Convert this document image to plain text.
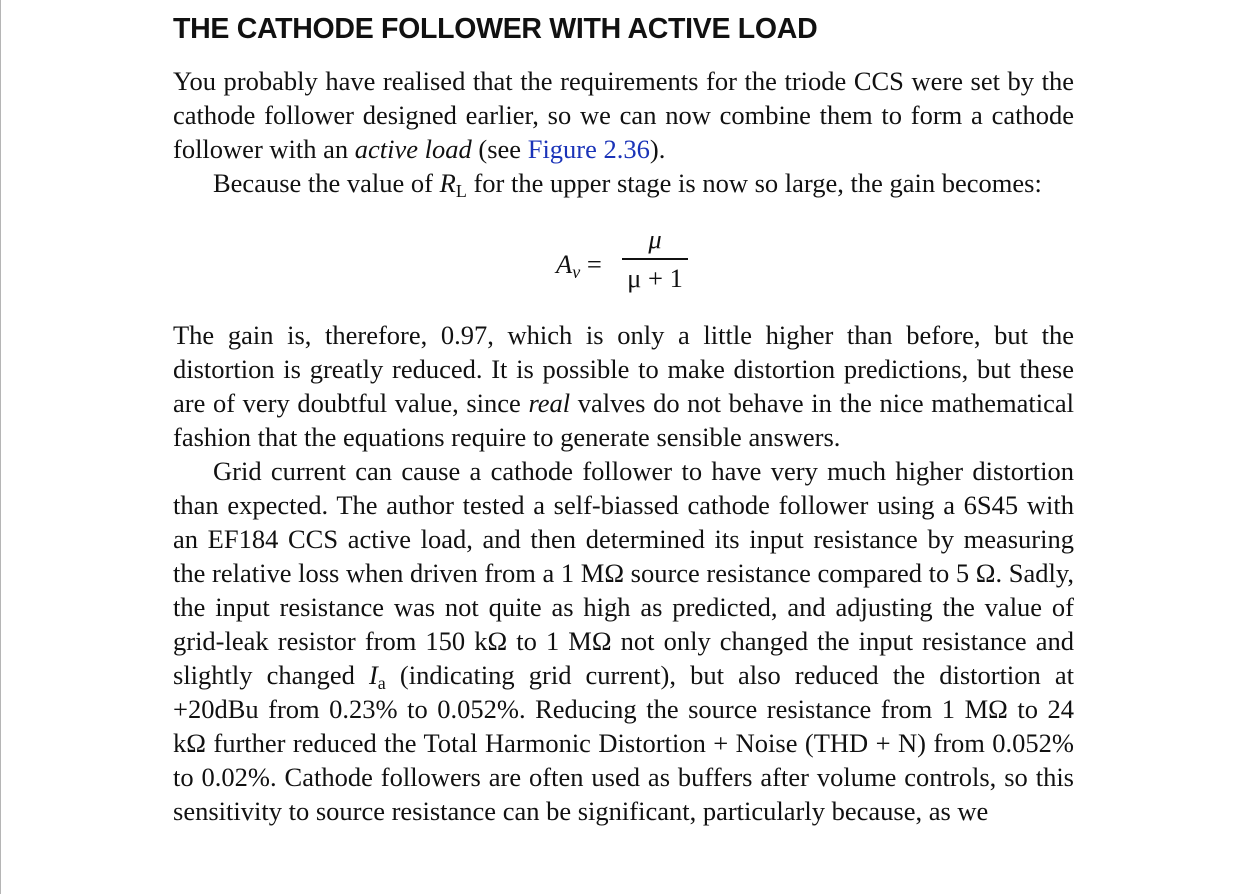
THE CATHODE FOLLOWER WITH ACTIVE LOAD

You probably have realised that the requirements for the triode CCS were set by the cathode follower designed earlier, so we can now combine them to form a cathode follower with an active load (see Figure 2.36).

Because the value of $R_L$ for the upper stage is now so large, the gain becomes:

$A_v$ =
μ
μ + 1

The gain is, therefore, 0.97, which is only a little higher than before, but the distortion is greatly reduced. It is possible to make distortion predictions, but these are of very doubtful value, since real valves do not behave in the nice mathematical fashion that the equations require to generate sensible answers.

Grid current can cause a cathode follower to have very much higher distortion than expected. The author tested a self-biassed cathode follower using a 6S45 with an EF184 CCS active load, and then determined its input resistance by measuring the relative loss when driven from a 1 MΩ source resistance compared to 5 Ω. Sadly, the input resistance was not quite as high as predicted, and adjusting the value of grid-leak resistor from 150 kΩ to 1 MΩ not only changed the input resistance and slightly changed $I_a$ (indicating grid current), but also reduced the distortion at +20dBu from 0.23% to 0.052%. Reducing the source resistance from 1 MΩ to 24 kΩ further reduced the Total Harmonic Distortion + Noise (THD + N) from 0.052% to 0.02%. Cathode followers are often used as buffers after volume controls, so this sensitivity to source resistance can be significant, particularly because, as we
